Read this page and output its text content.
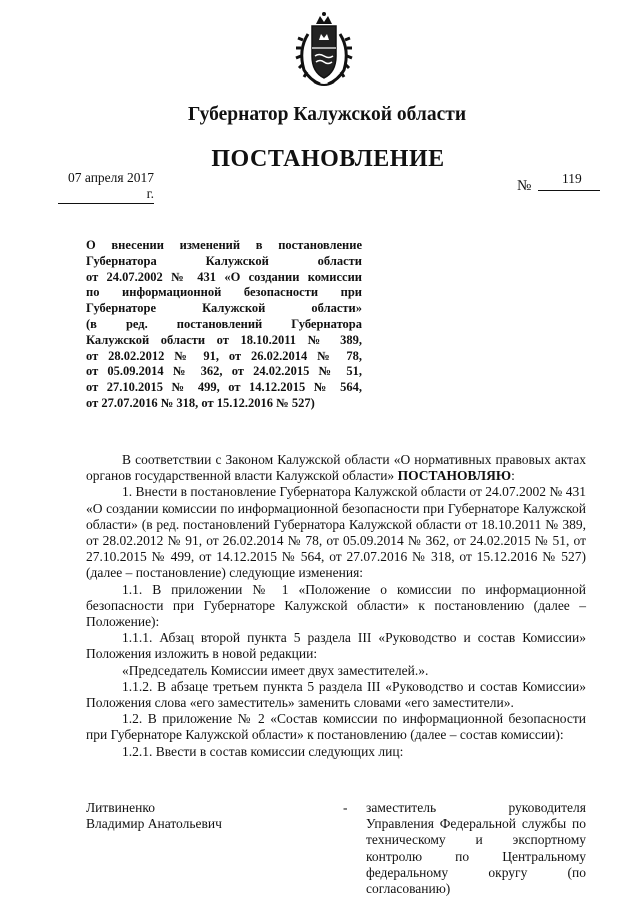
Губернатор Калужской области
ПОСТАНОВЛЕНИЕ
07 апреля 2017 г.	№	119
О внесении изменений в постановление
Губернатора Калужской области
от 24.07.2002 № 431 «О создании комиссии
по информационной безопасности при
Губернаторе Калужской области»
(в ред. постановлений Губернатора
Калужской области от 18.10.2011 № 389,
от 28.02.2012 № 91, от 26.02.2014 № 78,
от 05.09.2014 № 362, от 24.02.2015 № 51,
от 27.10.2015 № 499, от 14.12.2015 № 564,
от 27.07.2016 № 318, от 15.12.2016 № 527)

В соответствии с Законом Калужской области «О нормативных правовых актах органов государственной власти Калужской области» ПОСТАНОВЛЯЮ:

1. Внести в постановление Губернатора Калужской области от 24.07.2002 № 431 «О создании комиссии по информационной безопасности при Губернаторе Калужской области» (в ред. постановлений Губернатора Калужской области от 18.10.2011 № 389, от 28.02.2012 № 91, от 26.02.2014 № 78, от 05.09.2014 № 362, от 24.02.2015 № 51, от 27.10.2015 № 499, от 14.12.2015 № 564, от 27.07.2016 № 318, от 15.12.2016 № 527) (далее – постановление) следующие изменения:

1.1. В приложении № 1 «Положение о комиссии по информационной безопасности при Губернаторе Калужской области» к постановлению (далее – Положение):

1.1.1. Абзац второй пункта 5 раздела III «Руководство и состав Комиссии» Положения изложить в новой редакции:

«Председатель Комиссии имеет двух заместителей.».

1.1.2. В абзаце третьем пункта 5 раздела III «Руководство и состав Комиссии» Положения слова «его заместитель» заменить словами «его заместители».

1.2. В приложение № 2 «Состав комиссии по информационной безопасности при Губернаторе Калужской области» к постановлению (далее – состав комиссии):

1.2.1. Ввести в состав комиссии следующих лиц:

Литвиненко
Владимир Анатольевич
- заместитель руководителя Управления Федеральной службы по техническому и экспортному контролю по Центральному федеральному округу (по согласованию)
